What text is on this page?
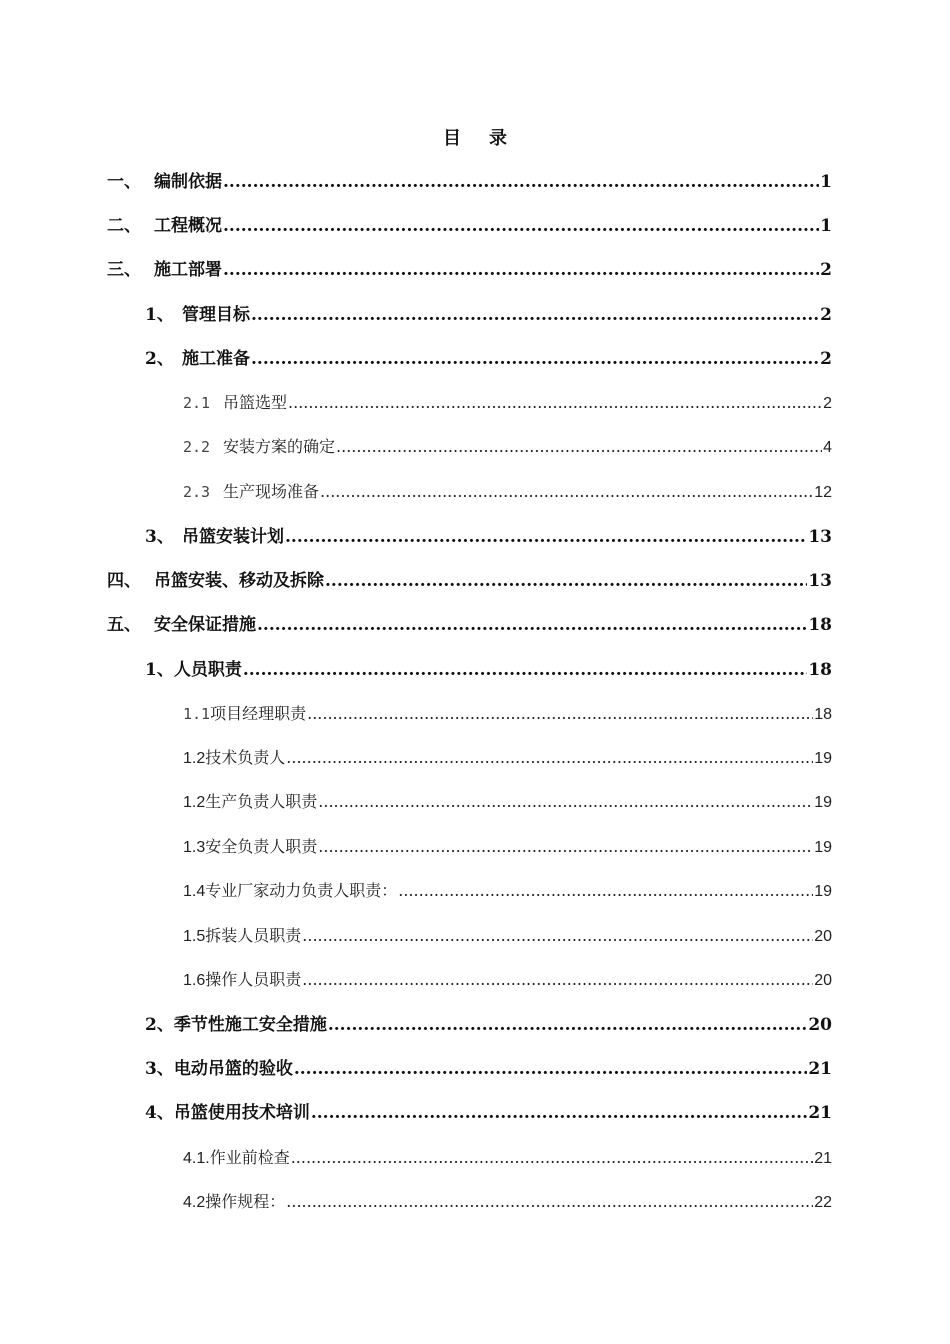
目 录
一、 编制依据 .....	1
二、 工程概况 .....	1
三、 施工部署 .....	2
1、 管理目标 .....	2
2、 施工准备 .....	2
2.1 吊篮选型 .....	2
2.2 安装方案的确定 .....	4
2.3 生产现场准备 .....	12
3、 吊篮安装计划 .....	13
四、 吊篮安装、移动及拆除 .....	13
五、 安全保证措施 .....	18
1、 人员职责 .....	18
1.1 项目经理职责 .....	18
1.2 技术负责人 .....	19
1.2 生产负责人职责 .....	19
1.3 安全负责人职责 .....	19
1.4 专业厂家动力负责人职责： .....	19
1.5 拆装人员职责 .....	20
1.6 操作人员职责 .....	20
2、 季节性施工安全措施 .....	20
3、 电动吊篮的验收 .....	21
4、 吊篮使用技术培训 .....	21
4.1. 作业前检查 .....	21
4.2 操作规程： .....	22
